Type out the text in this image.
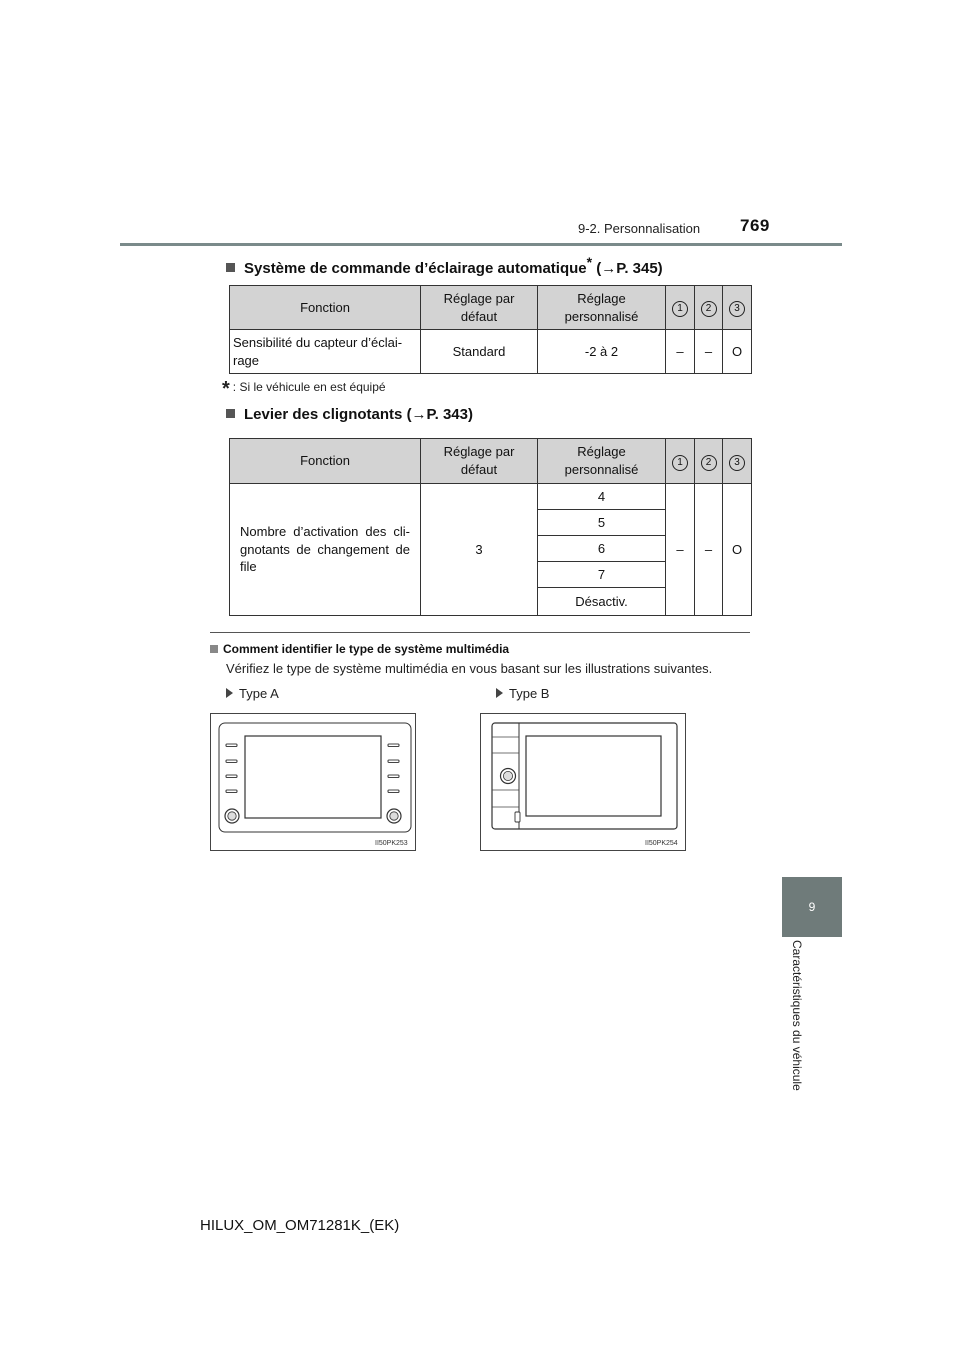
9-2. Personnalisation 769
9
Caractéristiques du véhicule
Système de commande d’éclairage automatique* (→P. 345)
Fonction	Réglage par défaut	Réglage personnalisé	1	2	3
Sensibilité du capteur d’éclai-rage	Standard	-2 à 2	–	–	O
* : Si le véhicule en est équipé
Levier des clignotants (→P. 343)
Fonction	Réglage par défaut	Réglage personnalisé	1	2	3
Nombre d’activation des cli-gnotants de changement de file	3	4	–	–	O
		5			
		6			
		7			
		Désactiv.			
Comment identifier le type de système multimédia
Vérifiez le type de système multimédia en vous basant sur les illustrations suivantes.
Type A	Type B
II50PK253	II50PK254
HILUX_OM_OM71281K_(EK)
